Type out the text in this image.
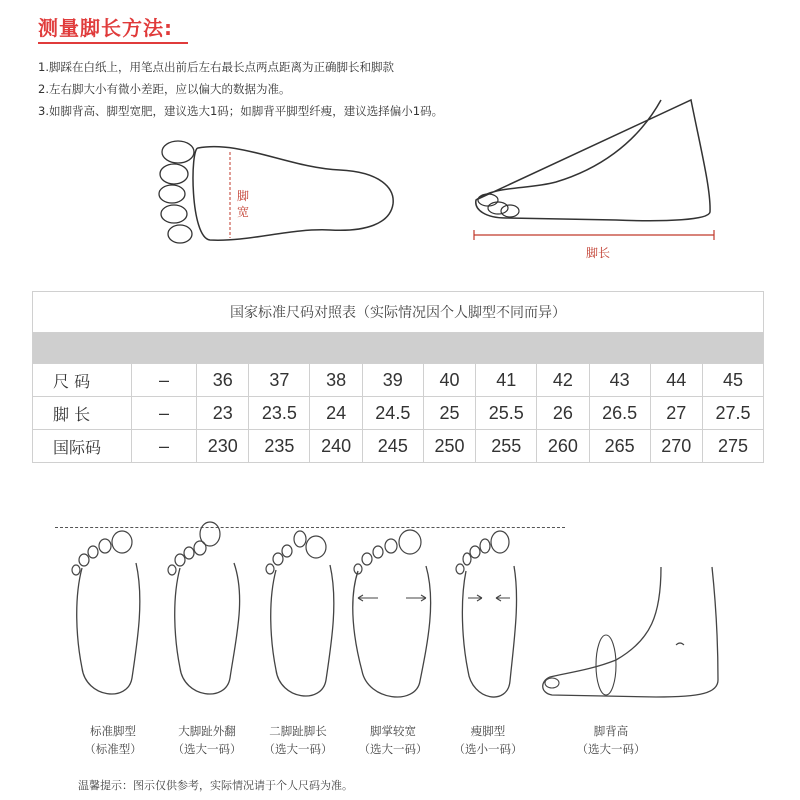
测量脚长方法:
1.脚踩在白纸上，用笔点出前后左右最长点两点距离为正确脚长和脚款
2.左右脚大小有微小差距，应以偏大的数据为准。
3.如脚背高、脚型宽肥，建议选大1码；如脚背平脚型纤瘦，建议选择偏小1码。
脚宽
脚长
国家标准尺码对照表（实际情况因个人脚型不同而异）											

尺 码	–	36	37	38	39	40	41	42	43	44	45
脚 长	–	23	23.5	24	24.5	25	25.5	26	26.5	27	27.5
国际码	–	230	235	240	245	250	255	260	265	270	275
标准脚型
（标准型）
大脚趾外翻
（选大一码）
二脚趾脚长
（选大一码）
脚掌较宽
（选大一码）
瘦脚型
（选小一码）
脚背高
（选大一码）
温馨提示：图示仅供参考，实际情况请于个人尺码为准。
